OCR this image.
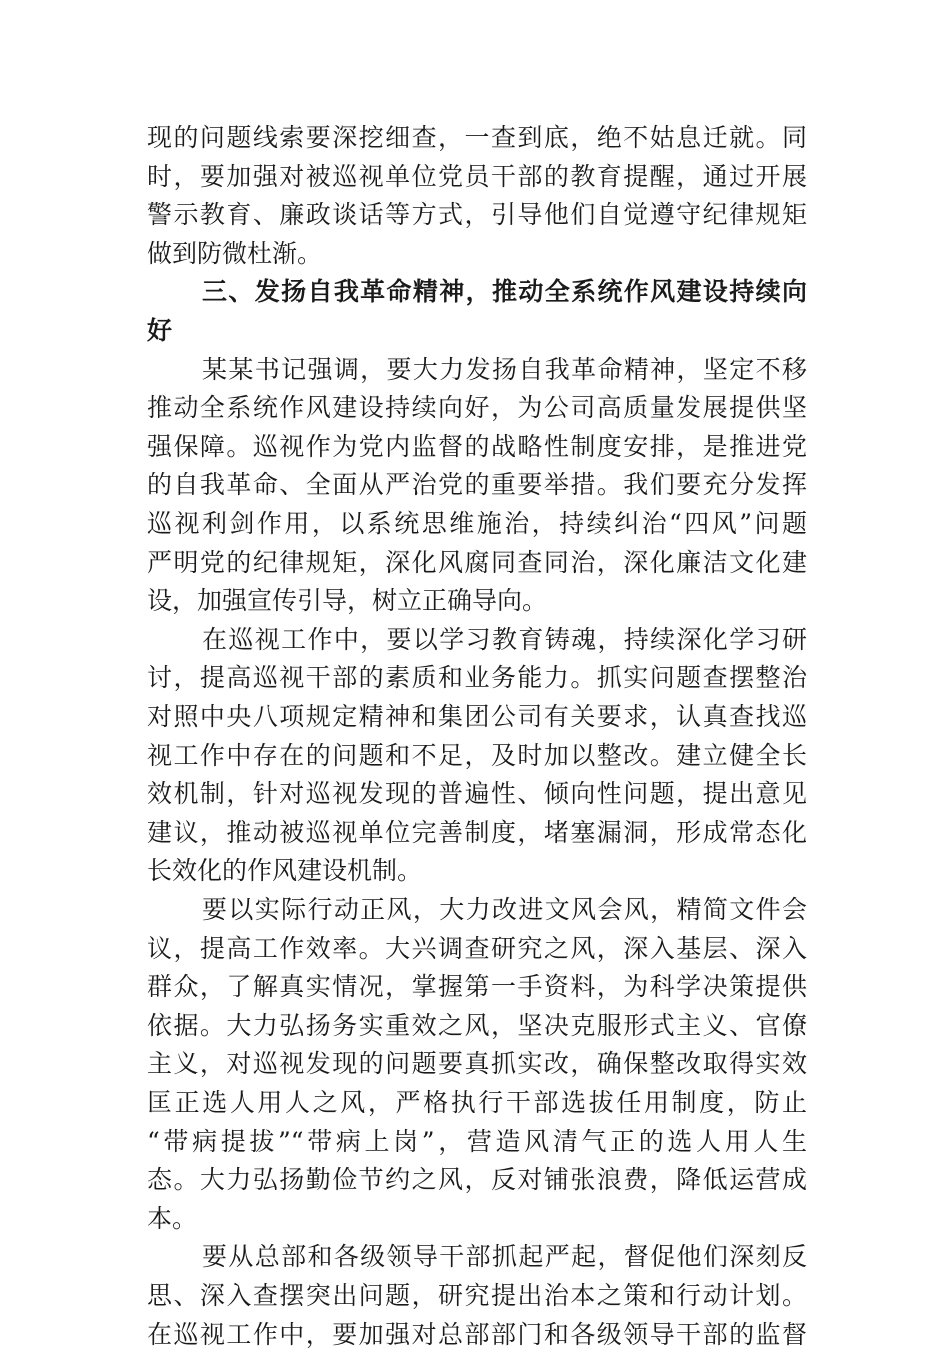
现的问题线索要深挖细查，一查到底，绝不姑息迁就。同
时，要加强对被巡视单位党员干部的教育提醒，通过开展
警示教育、廉政谈话等方式，引导他们自觉遵守纪律规矩
做到防微杜渐。
三、发扬自我革命精神，推动全系统作风建设持续向
好
某某书记强调，要大力发扬自我革命精神，坚定不移
推动全系统作风建设持续向好，为公司高质量发展提供坚
强保障。巡视作为党内监督的战略性制度安排，是推进党
的自我革命、全面从严治党的重要举措。我们要充分发挥
巡视利剑作用，以系统思维施治，持续纠治“四风”问题
严明党的纪律规矩，深化风腐同查同治，深化廉洁文化建
设，加强宣传引导，树立正确导向。
在巡视工作中，要以学习教育铸魂，持续深化学习研
讨，提高巡视干部的素质和业务能力。抓实问题查摆整治
对照中央八项规定精神和集团公司有关要求，认真查找巡
视工作中存在的问题和不足，及时加以整改。建立健全长
效机制，针对巡视发现的普遍性、倾向性问题，提出意见
建议，推动被巡视单位完善制度，堵塞漏洞，形成常态化
长效化的作风建设机制。
要以实际行动正风，大力改进文风会风，精简文件会
议，提高工作效率。大兴调查研究之风，深入基层、深入
群众，了解真实情况，掌握第一手资料，为科学决策提供
依据。大力弘扬务实重效之风，坚决克服形式主义、官僚
主义，对巡视发现的问题要真抓实改，确保整改取得实效
匡正选人用人之风，严格执行干部选拔任用制度，防止
“带病提拔”“带病上岗”，营造风清气正的选人用人生
态。大力弘扬勤俭节约之风，反对铺张浪费，降低运营成
本。
要从总部和各级领导干部抓起严起，督促他们深刻反
思、深入查摆突出问题，研究提出治本之策和行动计划。
在巡视工作中，要加强对总部部门和各级领导干部的监督
